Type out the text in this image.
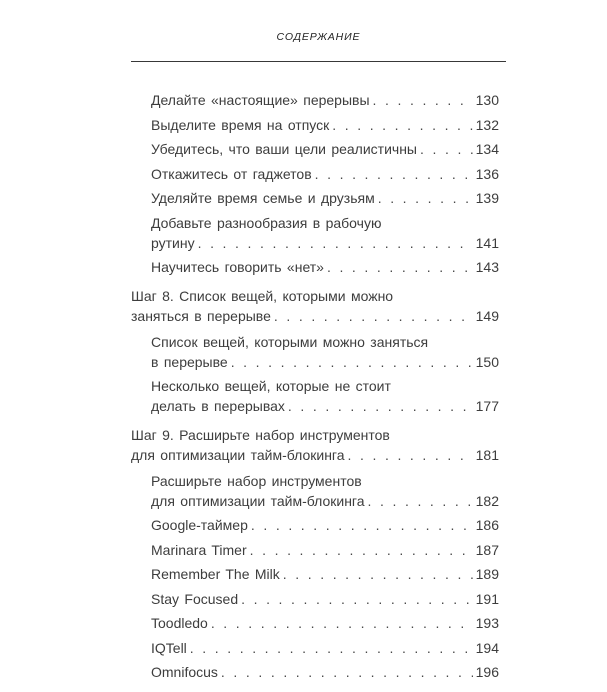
СОДЕРЖАНИЕ
Делайте «настоящие» перерывы . . .	130
Выделите время на отпуск . . .	132
Убедитесь, что ваши цели реалистичны . . .	134
Откажитесь от гаджетов . . .	136
Уделяйте время семье и друзьям . . .	139
Добавьте разнообразия в рабочую
рутину . . .	141
Научитесь говорить «нет» . . .	143
Шаг 8. Список вещей, которыми можно
заняться в перерыве . . .	149
Список вещей, которыми можно заняться
в перерыве . . .	150
Несколько вещей, которые не стоит
делать в перерывах . . .	177
Шаг 9. Расширьте набор инструментов
для оптимизации тайм-блокинга . . .	181
Расширьте набор инструментов
для оптимизации тайм-блокинга . . .	182
Google-таймер . . .	186
Marinara Timer . . .	187
Remember The Milk . . .	189
Stay Focused . . .	191
Toodledo . . .	193
IQTell . . .	194
Omnifocus . . .	196
